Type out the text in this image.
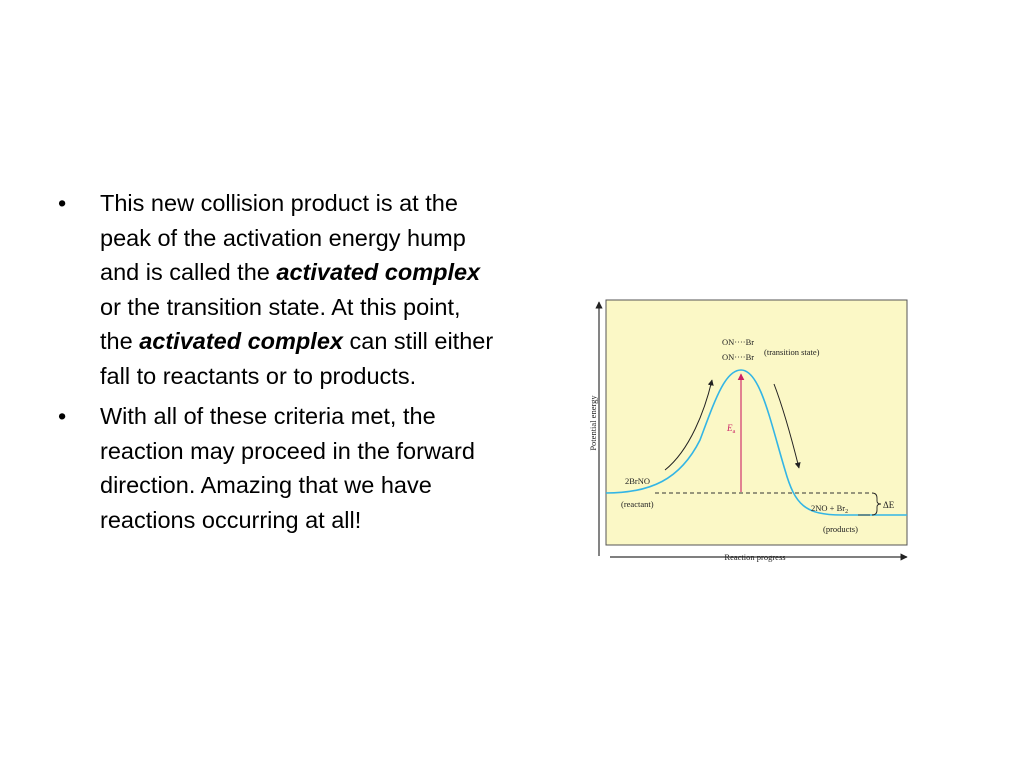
• This new collision product is at the peak of the activation energy hump and is called the activated complex or the transition state. At this point, the activated complex can still either fall to reactants or to products.
• With all of these criteria met, the reaction may proceed in the forward direction. Amazing that we have reactions occurring at all!
Potential energy
Reaction progress
$E_a$
ON····Br
ON····Br (transition state)
2BrNO
(reactant)	$2NO + Br_2$
(products)
ΔE
